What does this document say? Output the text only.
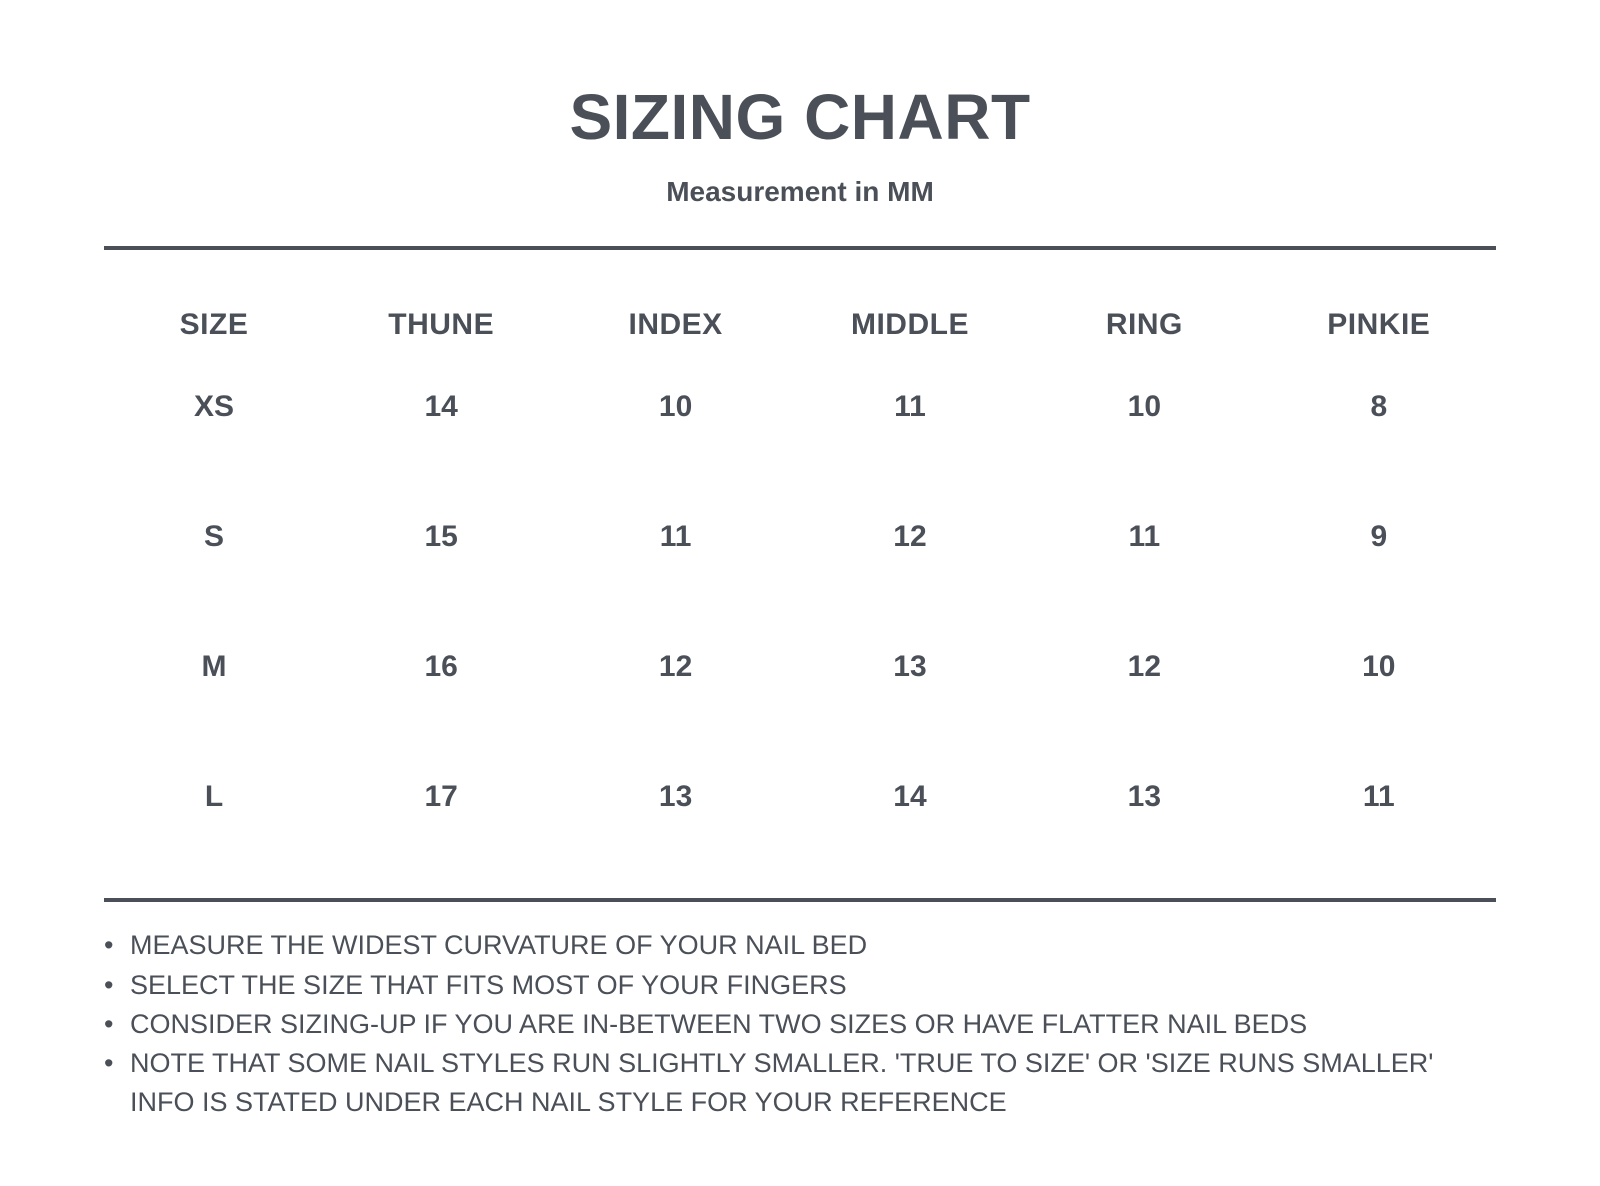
SIZING CHART
Measurement in MM
SIZE	THUNE	INDEX	MIDDLE	RING	PINKIE
XS	14	10	11	10	8
S	15	11	12	11	9
M	16	12	13	12	10
L	17	13	14	13	11
• MEASURE THE WIDEST CURVATURE OF YOUR NAIL BED
• SELECT THE SIZE THAT FITS MOST OF YOUR FINGERS
• CONSIDER SIZING-UP IF YOU ARE IN-BETWEEN TWO SIZES OR HAVE FLATTER NAIL BEDS
• NOTE THAT SOME NAIL STYLES RUN SLIGHTLY SMALLER. 'TRUE TO SIZE' OR 'SIZE RUNS SMALLER' INFO IS STATED UNDER EACH NAIL STYLE FOR YOUR REFERENCE
